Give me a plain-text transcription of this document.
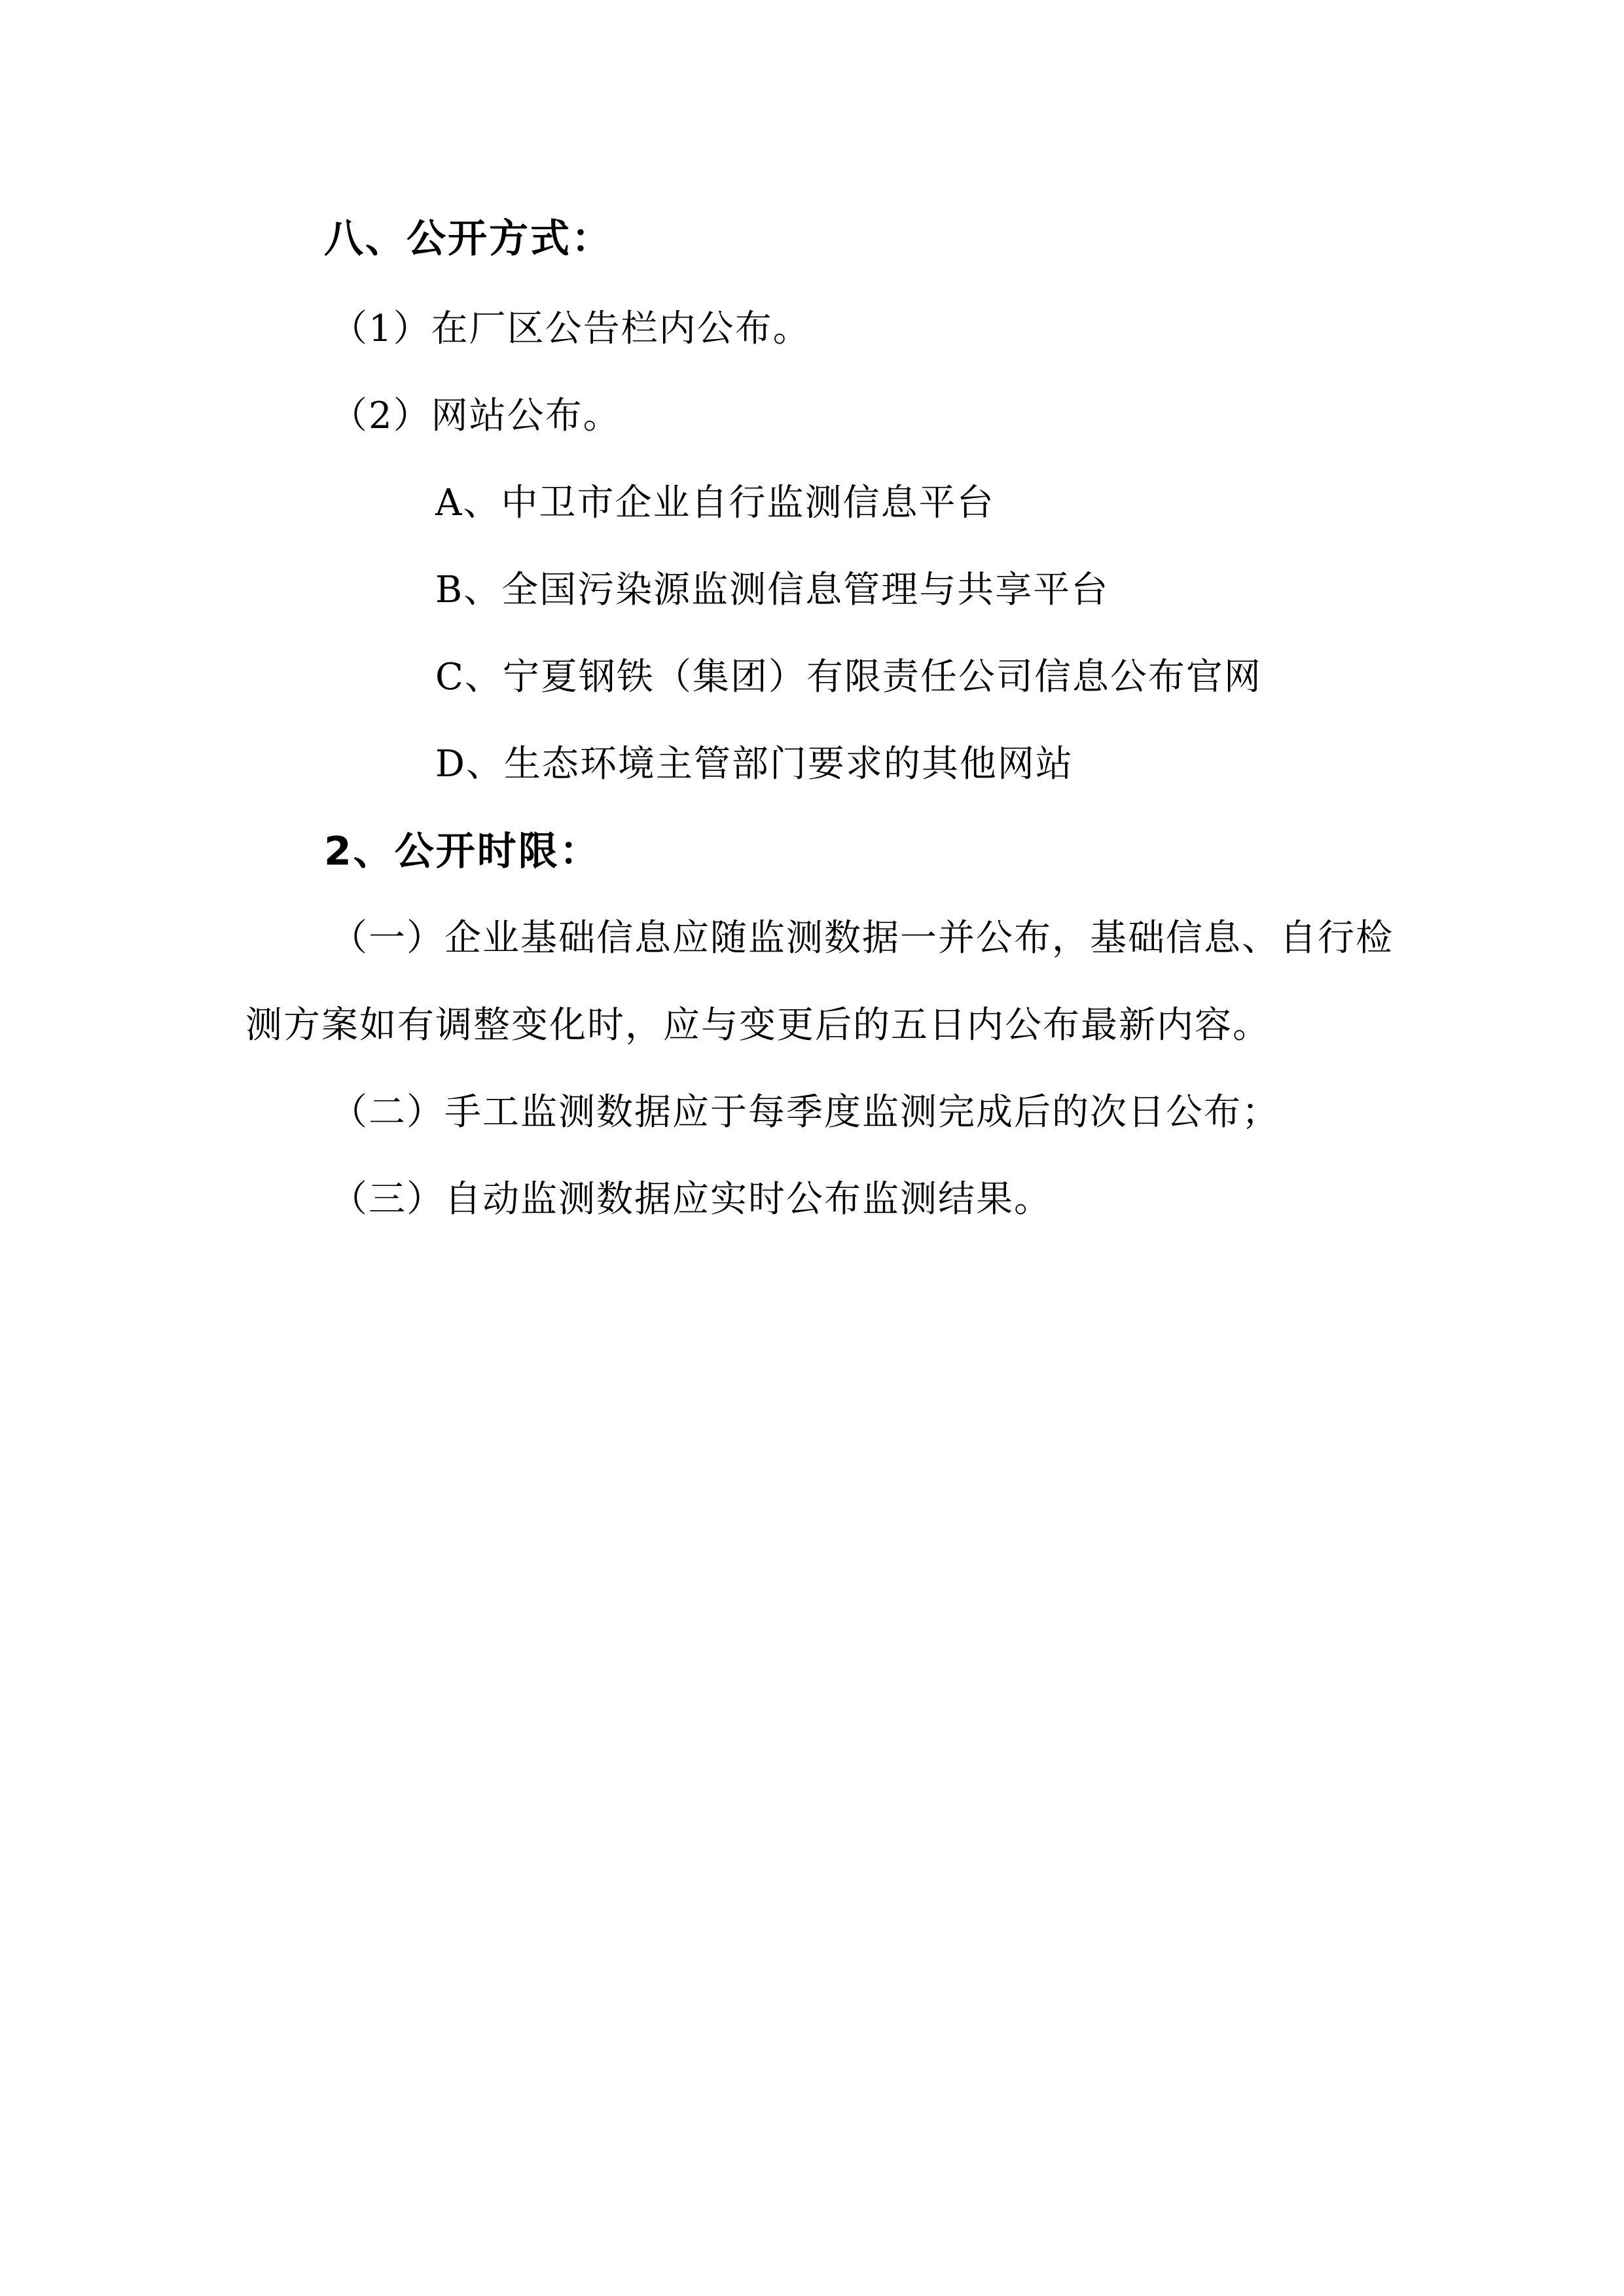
八、公开方式：
（1）在厂区公告栏内公布。
（2）网站公布。
A、中卫市企业自行监测信息平台
B、全国污染源监测信息管理与共享平台
C、宁夏钢铁（集团）有限责任公司信息公布官网
D、生态环境主管部门要求的其他网站
2、公开时限：
（一）企业基础信息应随监测数据一并公布，基础信息、自行检
测方案如有调整变化时，应与变更后的五日内公布最新内容。
（二）手工监测数据应于每季度监测完成后的次日公布；
（三）自动监测数据应实时公布监测结果。
